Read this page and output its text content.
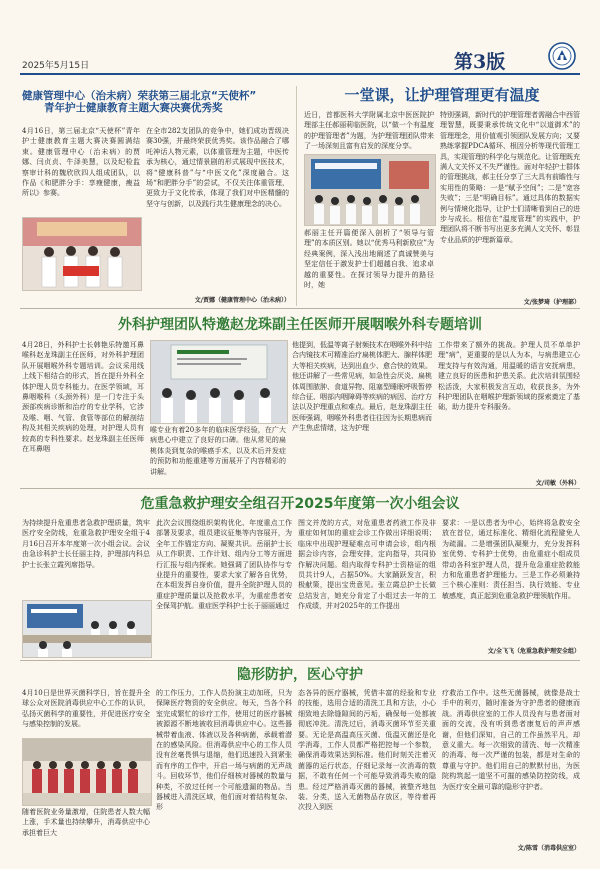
2025年5月15日	第3版
健康管理中心（治未病）荣获第三届北京“天使杯”
青年护士健康教育主题大赛决赛优秀奖
4月16日，第三届北京“天使杯”青年护士健康教育主题大赛决赛圆满结束。健康管理中心（治未病）的贾娜、闫贞贞、牛泽美慧，以及纪检监察审计科的魏欣欣四人组成团队，以作品《和肥胖分手：享瘦健康，瘦益所以》参赛。
在全市282支团队的竞争中，她们成功晋级决赛30强，并最终荣获优秀奖。该作品融合了哪吒神话人物元素，以体重管理为主题，中医传承为核心，通过情景剧的形式展现中医技术，将“健康科普”与“中医文化”深度融合。这场“和肥胖分手”的尝试，不仅关注体重管理，更致力于文化传承，体现了我们对中医精髓的坚守与创新，以及践行共生健康理念的决心。
文/贾娜（健康管理中心（治未病））
一堂课，让护理管理更有温度
近日，首都医科大学附属北京中医医院护理部主任郝丽莉临医院，以“做一个有温度的护理管理者”为题，为护理管理团队带来了一场深刻且富有启发的深度分享。
郝丽主任开篇便深入剖析了“领导与管理”的本质区别。她以“优秀马利新欧应”为经典案例，深入浅出地阐述了真诚赞美与坚定信任于激发护士们超越自我、追求卓越的重要性。在探讨领导力提升的路径时，她
特别强调，新时代的护理管理者需融合中西管理智慧，既要秉承传统文化中“以道御术”的管理理念，用价值观引领团队发展方向；又要熟练掌握PDCA循环、根因分析等现代管理工具，实现管理的科学化与规范化。让管理既充满人文关怀又不失严谨性。面对年轻护士群体的管理挑战，郝主任分享了三大具有前瞻性与实用性的策略：一是“赋予空间”；二是“宽容失败”；三是“明确目标”。通过具体的数据实例与情境化指导，让护士们清晰看到自己的进步与成长。相信在“温度管理”的实践中，护理团队将不断书写出更多充满人文关怀、彰显专业品质的护理新篇章。
文/张梦琦（护理部）
外科护理团队特邀赵龙珠副主任医师开展咽喉外科专题培训
4月28日，外科护士长韩艳乐特邀耳鼻喉科赵龙珠副主任医师，对外科护理团队开展咽喉外科专题培训。会议采用线上线下相结合的形式，旨在提升外科全体护理人员专科能力。在医学领域，耳鼻咽喉科（头颈外科）是一门专注于头颈部疾病诊断和治疗的专业学科，它涉及喉、咽、气管、食管等部位的解剖结构及其相关疾病的处理，对护理人员有较高的专科性要求。赵龙珠副主任医师在耳鼻咽
喉专业有着20多年的临床医学经验，在广大病患心中建立了良好的口碑。他从常见的扁桃体炎到复杂的喉癌手术，以及术后并发症的预防和功能重建等方面展开了内容精彩的讲解。
他提到，低温等离子射频技术在咽喉外科中结合内镜技术可精准治疗扁桃体肥大、腺样体肥大等相关疾病，达到出血少、愈合快的效果。他还讲解了一些常见病，如急性会厌炎、扁桃体周围脓肿、食道异物、阻塞型睡眠呼吸暂停综合征、咽部内咽障碍等疾病的病因、治疗方法以及护理重点和难点。最后，赵龙珠副主任医师强调，咽喉外科患者往往因为长期患病而产生焦虑情绪，这为护理
工作带来了额外的挑战。护理人员不单单护理“病”，更重要的是以人为本，与病患建立心理支持与有效沟通，用温暖的语言安抚病患，建立良好的医患和护患关系。此次培训氛围轻松活泼，大家积极发言互动，收获良多，为外科护理团队在咽喉护理新领域的探索奠定了基础，助力提升专科服务。
文/司敏（外科）
危重急救护理安全组召开2025年度第一次小组会议
为持续提升危重患者急救护理质量，筑牢医疗安全防线，危重急救护理安全组于4月16日召开本年度第一次小组会议。会议由急诊科护士长任丽主持，护理部内科总护士长张立霞列席指导。
此次会议围绕组织架构优化、年度重点工作部署及要求，组员建议征集等内容展开，为全年工作锚定方向、凝聚共识。岳丽护士长从工作职责、工作计划、组内分工等方面进行汇报与组内探索。她强调了团队协作与专业提升的重要性，要求大家了解各自优势，在本组发挥自身价值，提升全院护理人员的重症护理质量以及抢救水平，为重症患者安全保驾护航。重症医学科护士长于丽丽通过
图文并茂的方式，对危重患者药液工作及非重症如何加的重症会诊工作做出详细说明；临床中出现护理疑难点可申请会诊，组内根据会诊内容，会理安排，定向指导，共同协作解决问题。组内取得专科护士资格证的组员共计9人，占据50%。大家踊跃发言，积极献策，提出宝贵意见。张立霞总护士长做总结发言，她充分肯定了小组过去一年的工作成绩，并对2025年的工作提出
要求：一是以患者为中心，始终将急救安全放在首位，通过标准化、精细化流程避免人为疏漏。二是增强团队凝聚力，充分发挥科室优势、专科护士优势，由危重症小组成员带动各科室护理人员，提升危急重症抢救能力和危重患者护理能力。三是工作必须兼持三个核心准则：责任担当、执行效能、专业敏感度，真正起到危重急救护理领航作用。
文/全飞飞（危重急救护理安全组）
隐形防护，医心守护
4月10日是世界灭菌科学日，旨在提升全球公众对医院消毒供应中心工作的认识，弘扬灭菌科学的重要性，并促进医疗安全与感染控制的发展。
随着医院业务量激增，住院患者人数大幅上涨，手术量也持续攀升，消毒供应中心承担着巨大
的工作压力，工作人员扮演主动加班，只为保障医疗物资的安全供应。每天，当各个科室完成繁忙的诊疗工作，使用过的医疗器械被源源不断地被收回消毒供应中心。这些器械带着血液、体液以及各种病菌，承载着潜在的感染风险。但消毒供应中心的工作人员没有丝毫畏惧与退缩，他们迅速投入到紧张而有序的工作中，开启一场与病菌的无声战斗。回收环节，他们仔细核对器械的数量与种类，不放过任何一个可能遗漏的物品。当器械进入清洗区域，他们面对着结构复杂、形
态各异的医疗器械，凭借丰富的经验和专业的技能，选用合适的清洗工具和方法，小心细致地去除缝隙间的污垢，确保每一处都被彻底冲洗。清洗过后，消毒灭菌环节至关重要。无论是高温高压灭菌、低温灭菌还是化学消毒，工作人员都严格把控每一个参数，确保消毒效果达到标准。他们时刻关注着灭菌器的运行状态，仔细记录每一次消毒的数据，不敢有任何一个可能导致消毒失败的隐患。经过严格消毒灭菌的器械，被整齐地包装、分类，送入无菌物品存放区，等待着再次投入到医
疗救治工作中。这些无菌器械，就像是战士手中的利刃，随时准备为守护患者的健康而战。消毒供应室的工作人员没有与患者面对面的交流，没有听到患者康复后的声声感谢，但他们深知，自己的工作虽然平凡，却意义重大。每一次细致的清洗、每一次精准的消毒、每一次严谨的包装，都是对生命的尊重与守护。他们用自己的默默付出，为医院构筑起一道坚不可摧的感染防控防线，成为医疗安全最可靠的隐形守护者。
文/陈雪（消毒供应室）
